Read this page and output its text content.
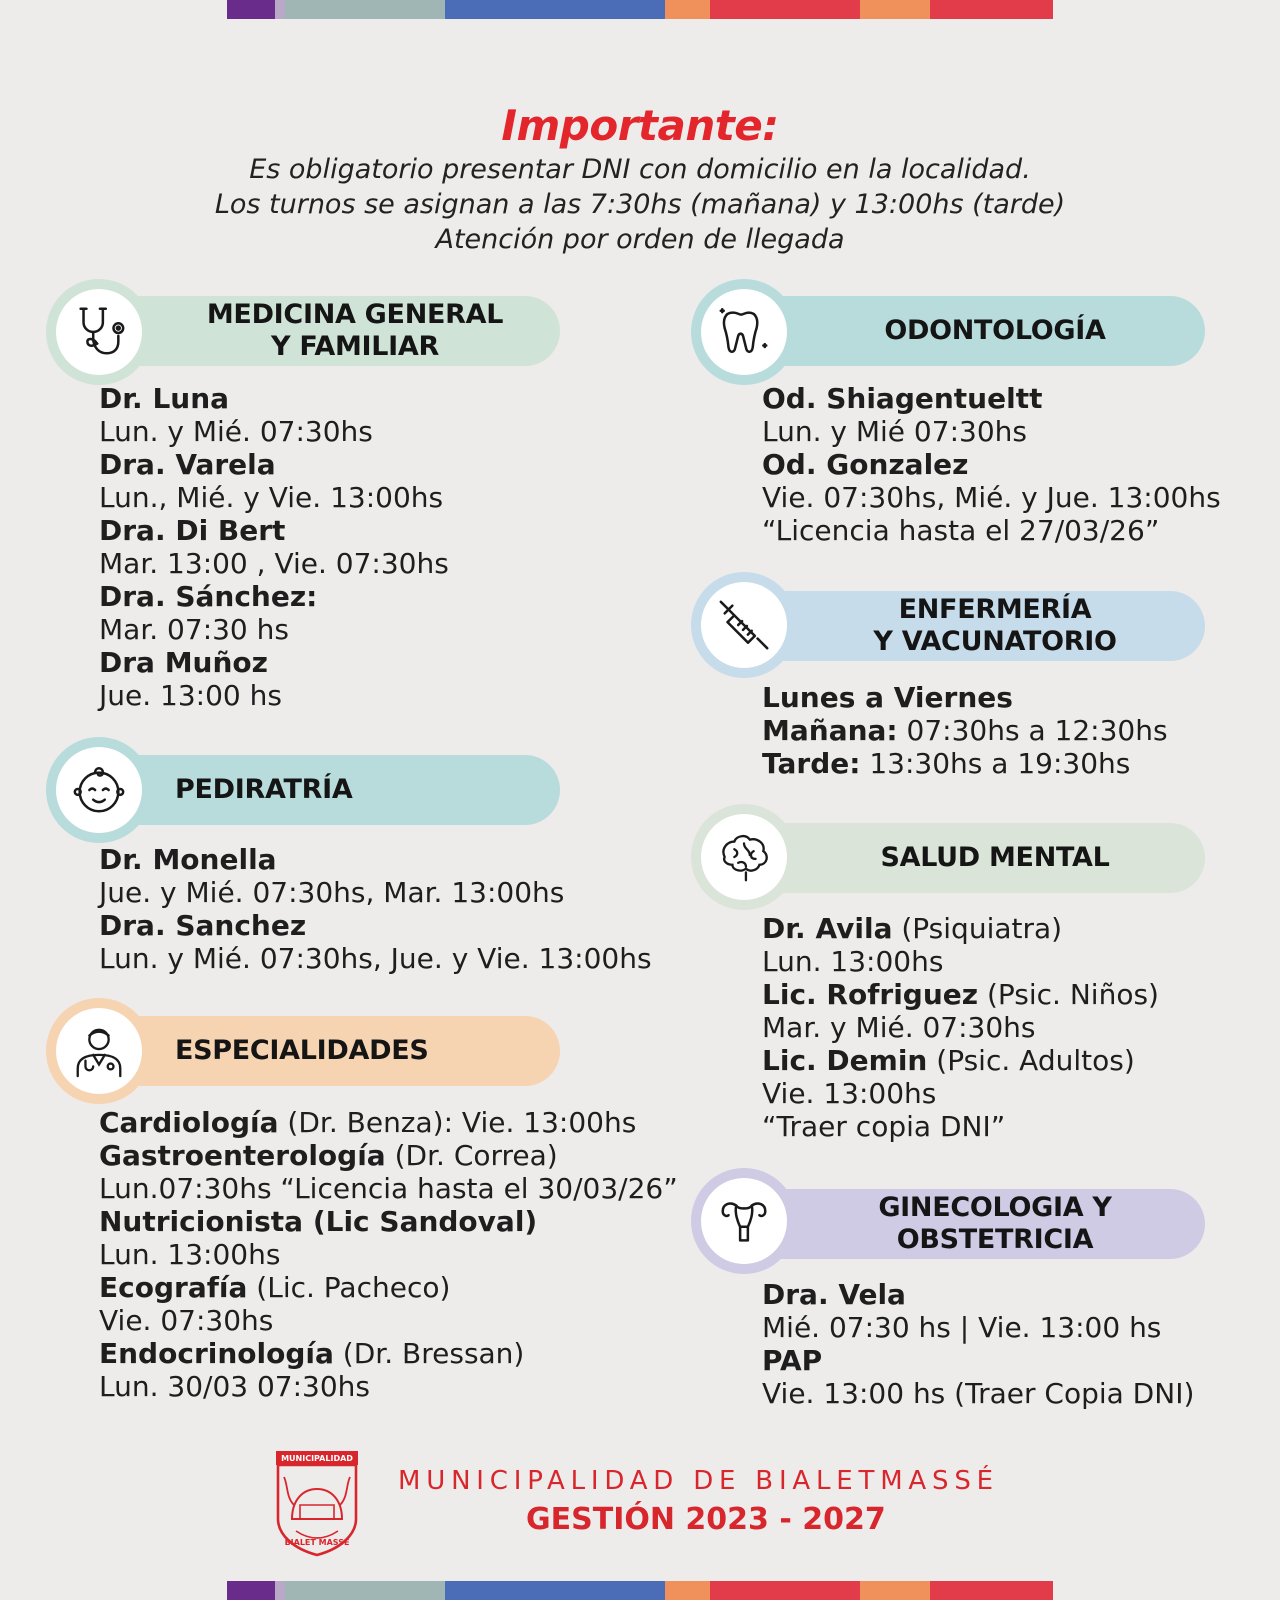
Importante:

Es obligatorio presentar DNI con domicilio en la localidad.

Los turnos se asignan a las 7:30hs (mañana) y 13:00hs (tarde)

Atención por orden de llegada

MEDICINA GENERAL
Y FAMILIAR
Dr. Luna
Lun. y Mié. 07:30hs
Dra. Varela
Lun., Mié. y Vie. 13:00hs
Dra. Di Bert
Mar. 13:00 , Vie. 07:30hs
Dra. Sánchez:
Mar. 07:30 hs
Dra Muñoz
Jue. 13:00 hs
PEDIRATRÍA
Dr. Monella
Jue. y Mié. 07:30hs, Mar. 13:00hs
Dra. Sanchez
Lun. y Mié. 07:30hs, Jue. y Vie. 13:00hs
ESPECIALIDADES
Cardiología (Dr. Benza): Vie. 13:00hs
Gastroenterología (Dr. Correa)
Lun.07:30hs “Licencia hasta el 30/03/26”
Nutricionista (Lic Sandoval)
Lun. 13:00hs
Ecografía (Lic. Pacheco)
Vie. 07:30hs
Endocrinología (Dr. Bressan)
Lun. 30/03 07:30hs
ODONTOLOGÍA
Od. Shiagentueltt
Lun. y Mié 07:30hs
Od. Gonzalez
Vie. 07:30hs, Mié. y Jue. 13:00hs
“Licencia hasta el 27/03/26”
ENFERMERÍA
Y VACUNATORIO
Lunes a Viernes
Mañana: 07:30hs a 12:30hs
Tarde: 13:30hs a 19:30hs
SALUD MENTAL
Dr. Avila (Psiquiatra)
Lun. 13:00hs
Lic. Rofriguez (Psic. Niños)
Mar. y Mié. 07:30hs
Lic. Demin (Psic. Adultos)
Vie. 13:00hs
“Traer copia DNI”
GINECOLOGIA Y
OBSTETRICIA
Dra. Vela
Mié. 07:30 hs | Vie. 13:00 hs
PAP
Vie. 13:00 hs (Traer Copia DNI)
MUNICIPALIDAD
BIALET MASSÉ
MUNICIPALIDAD DE BIALETMASSÉ
GESTIÓN 2023 - 2027
